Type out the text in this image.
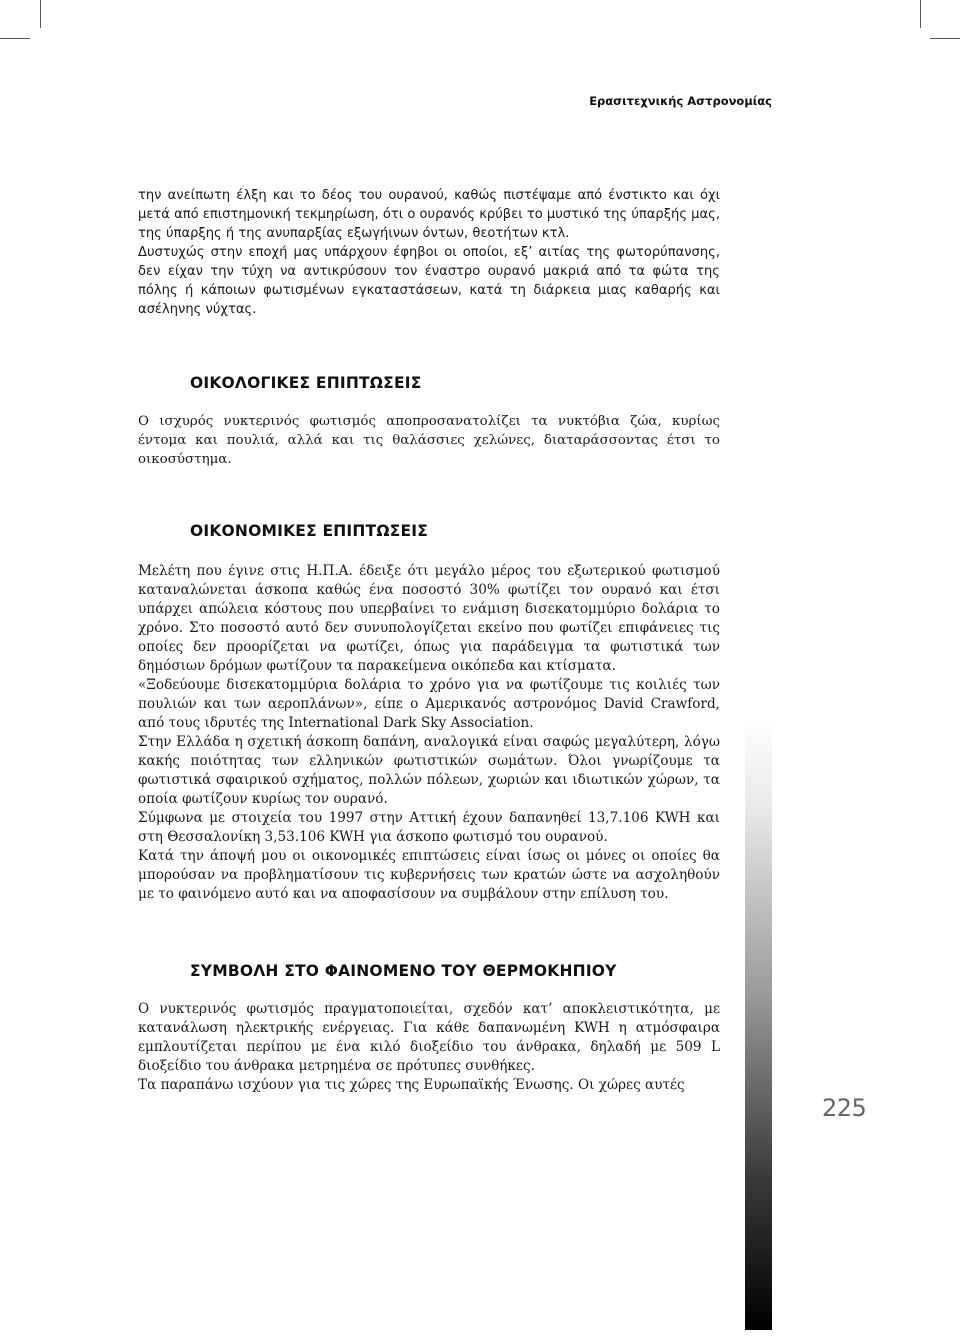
Ερασιτεχνικής Αστρονομίας

την ανείπωτη έλξη και το δέος του ουρανού, καθώς πιστέψαμε από ένστικτο και όχι μετά από επιστημονική τεκμηρίωση, ότι ο ουρανός κρύβει το μυστικό της ύπαρξής μας, της ύπαρξης ή της ανυπαρξίας εξωγήινων όντων, θεοτήτων κτλ.

Δυστυχώς στην εποχή μας υπάρχουν έφηβοι οι οποίοι, εξ’ αιτίας της φωτορύπανσης, δεν είχαν την τύχη να αντικρύσουν τον έναστρο ουρανό μακριά από τα φώτα της πόλης ή κάποιων φωτισμένων εγκαταστάσεων, κατά τη διάρκεια μιας καθαρής και ασέληνης νύχτας.

ΟΙΚΟΛΟΓΙΚΕΣ ΕΠΙΠΤΩΣΕΙΣ

Ο ισχυρός νυκτερινός φωτισμός αποπροσανατολίζει τα νυκτόβια ζώα, κυρίως έντομα και πουλιά, αλλά και τις θαλάσσιες χελώνες, διαταράσσοντας έτσι το οικοσύστημα.

ΟΙΚΟΝΟΜΙΚΕΣ ΕΠΙΠΤΩΣΕΙΣ

Μελέτη που έγινε στις Η.Π.Α. έδειξε ότι μεγάλο μέρος του εξωτερικού φωτισμού καταναλώνεται άσκοπα καθώς ένα ποσοστό 30% φωτίζει τον ουρανό και έτσι υπάρχει απώλεια κόστους που υπερβαίνει το ενάμιση δισεκατομμύριο δολάρια το χρόνο. Στο ποσοστό αυτό δεν συνυπολογίζεται εκείνο που φωτίζει επιφάνειες τις οποίες δεν προορίζεται να φωτίζει, όπως για παράδειγμα τα φωτιστικά των δημόσιων δρόμων φωτίζουν τα παρακείμενα οικόπεδα και κτίσματα.

«Ξοδεύουμε δισεκατομμύρια δολάρια το χρόνο για να φωτίζουμε τις κοιλιές των πουλιών και των αεροπλάνων», είπε ο Αμερικανός αστρονόμος David Crawford, από τους ιδρυτές της International Dark Sky Association.

Στην Ελλάδα η σχετική άσκοπη δαπάνη, αναλογικά είναι σαφώς μεγαλύτερη, λόγω κακής ποιότητας των ελληνικών φωτιστικών σωμάτων. Όλοι γνωρίζουμε τα φωτιστικά σφαιρικού σχήματος, πολλών πόλεων, χωριών και ιδιωτικών χώρων, τα οποία φωτίζουν κυρίως τον ουρανό.

Σύμφωνα με στοιχεία του 1997 στην Αττική έχουν δαπανηθεί 13,7.106 KWH και στη Θεσσαλονίκη 3,53.106 KWH για άσκοπο φωτισμό του ουρανού.

Κατά την άποψή μου οι οικονομικές επιπτώσεις είναι ίσως οι μόνες οι οποίες θα μπορούσαν να προβληματίσουν τις κυβερνήσεις των κρατών ώστε να ασχοληθούν με το φαινόμενο αυτό και να αποφασίσουν να συμβάλουν στην επίλυση του.

ΣΥΜΒΟΛΗ ΣΤΟ ΦΑΙΝΟΜΕΝΟ ΤΟΥ ΘΕΡΜΟΚΗΠΙΟΥ

Ο νυκτερινός φωτισμός πραγματοποιείται, σχεδόν κατ’ αποκλειστικότητα, με κατανάλωση ηλεκτρικής ενέργειας. Για κάθε δαπανωμένη KWH η ατμόσφαιρα εμπλουτίζεται περίπου με ένα κιλό διοξείδιο του άνθρακα, δηλαδή με 509 L διοξείδιο του άνθρακα μετρημένα σε πρότυπες συνθήκες.

Τα παραπάνω ισχύουν για τις χώρες της Ευρωπαϊκής Ένωσης. Οι χώρες αυτές

225
